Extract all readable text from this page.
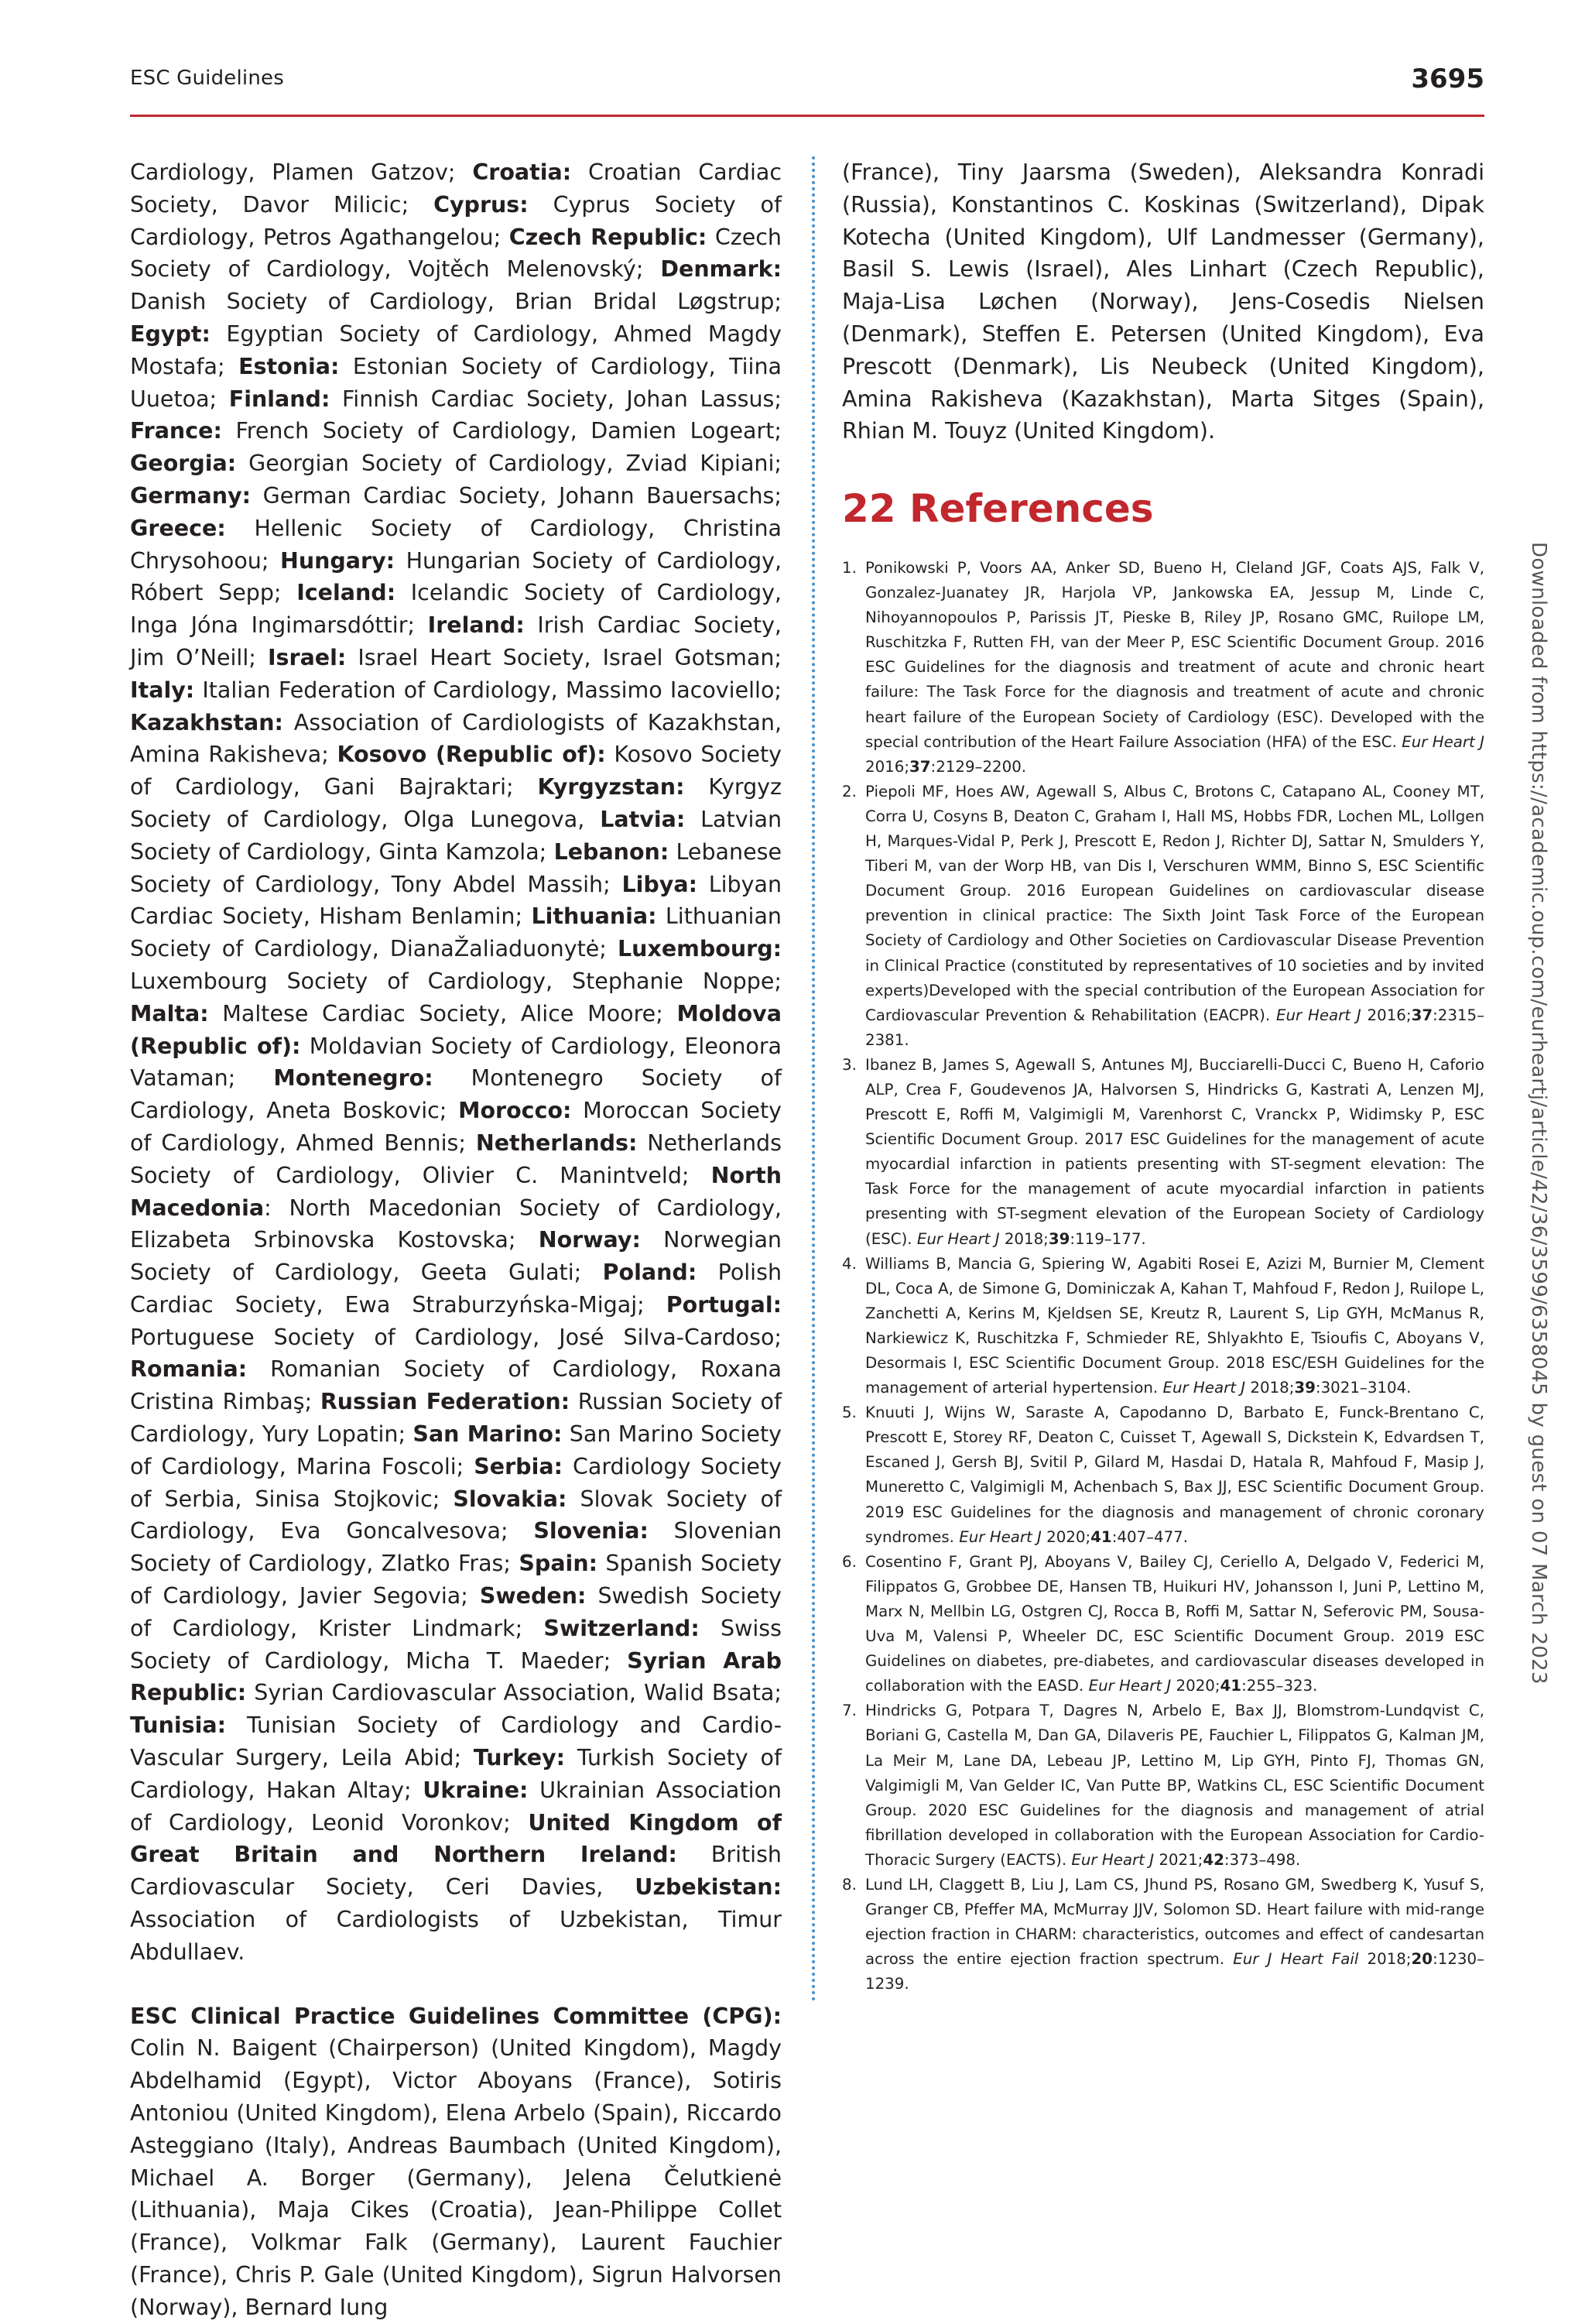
ESC Guidelines	3695

Cardiology, Plamen Gatzov; Croatia: Croatian Cardiac Society, Davor Milicic; Cyprus: Cyprus Society of Cardiology, Petros Agathangelou; Czech Republic: Czech Society of Cardiology, Vojtěch Melenovský; Denmark: Danish Society of Cardiology, Brian Bridal Løgstrup; Egypt: Egyptian Society of Cardiology, Ahmed Magdy Mostafa; Estonia: Estonian Society of Cardiology, Tiina Uuetoa; Finland: Finnish Cardiac Society, Johan Lassus; France: French Society of Cardiology, Damien Logeart; Georgia: Georgian Society of Cardiology, Zviad Kipiani; Germany: German Cardiac Society, Johann Bauersachs; Greece: Hellenic Society of Cardiology, Christina Chrysohoou; Hungary: Hungarian Society of Cardiology, Róbert Sepp; Iceland: Icelandic Society of Cardiology, Inga Jóna Ingimarsdóttir; Ireland: Irish Cardiac Society, Jim O’Neill; Israel: Israel Heart Society, Israel Gotsman; Italy: Italian Federation of Cardiology, Massimo Iacoviello; Kazakhstan: Association of Cardiologists of Kazakhstan, Amina Rakisheva; Kosovo (Republic of): Kosovo Society of Cardiology, Gani Bajraktari; Kyrgyzstan: Kyrgyz Society of Cardiology, Olga Lunegova, Latvia: Latvian Society of Cardiology, Ginta Kamzola; Lebanon: Lebanese Society of Cardiology, Tony Abdel Massih; Libya: Libyan Cardiac Society, Hisham Benlamin; Lithuania: Lithuanian Society of Cardiology, DianaŽaliaduonytė; Luxembourg: Luxembourg Society of Cardiology, Stephanie Noppe; Malta: Maltese Cardiac Society, Alice Moore; Moldova (Republic of): Moldavian Society of Cardiology, Eleonora Vataman; Montenegro: Montenegro Society of Cardiology, Aneta Boskovic; Morocco: Moroccan Society of Cardiology, Ahmed Bennis; Netherlands: Netherlands Society of Cardiology, Olivier C. Manintveld; North Macedonia: North Macedonian Society of Cardiology, Elizabeta Srbinovska Kostovska; Norway: Norwegian Society of Cardiology, Geeta Gulati; Poland: Polish Cardiac Society, Ewa Straburzyńska-Migaj; Portugal: Portuguese Society of Cardiology, José Silva-Cardoso; Romania: Romanian Society of Cardiology, Roxana Cristina Rimbaş; Russian Federation: Russian Society of Cardiology, Yury Lopatin; San Marino: San Marino Society of Cardiology, Marina Foscoli; Serbia: Cardiology Society of Serbia, Sinisa Stojkovic; Slovakia: Slovak Society of Cardiology, Eva Goncalvesova; Slovenia: Slovenian Society of Cardiology, Zlatko Fras; Spain: Spanish Society of Cardiology, Javier Segovia; Sweden: Swedish Society of Cardiology, Krister Lindmark; Switzerland: Swiss Society of Cardiology, Micha T. Maeder; Syrian Arab Republic: Syrian Cardiovascular Association, Walid Bsata; Tunisia: Tunisian Society of Cardiology and Cardio-Vascular Surgery, Leila Abid; Turkey: Turkish Society of Cardiology, Hakan Altay; Ukraine: Ukrainian Association of Cardiology, Leonid Voronkov; United Kingdom of Great Britain and Northern Ireland: British Cardiovascular Society, Ceri Davies, Uzbekistan: Association of Cardiologists of Uzbekistan, Timur Abdullaev.

ESC Clinical Practice Guidelines Committee (CPG): Colin N. Baigent (Chairperson) (United Kingdom), Magdy Abdelhamid (Egypt), Victor Aboyans (France), Sotiris Antoniou (United Kingdom), Elena Arbelo (Spain), Riccardo Asteggiano (Italy), Andreas Baumbach (United Kingdom), Michael A. Borger (Germany), Jelena Čelutkienė (Lithuania), Maja Cikes (Croatia), Jean-Philippe Collet (France), Volkmar Falk (Germany), Laurent Fauchier (France), Chris P. Gale (United Kingdom), Sigrun Halvorsen (Norway), Bernard Iung

(France), Tiny Jaarsma (Sweden), Aleksandra Konradi (Russia), Konstantinos C. Koskinas (Switzerland), Dipak Kotecha (United Kingdom), Ulf Landmesser (Germany), Basil S. Lewis (Israel), Ales Linhart (Czech Republic), Maja-Lisa Løchen (Norway), Jens-Cosedis Nielsen (Denmark), Steffen E. Petersen (United Kingdom), Eva Prescott (Denmark), Lis Neubeck (United Kingdom), Amina Rakisheva (Kazakhstan), Marta Sitges (Spain), Rhian M. Touyz (United Kingdom).

22 References
1. Ponikowski P, Voors AA, Anker SD, Bueno H, Cleland JGF, Coats AJS, Falk V, Gonzalez-Juanatey JR, Harjola VP, Jankowska EA, Jessup M, Linde C, Nihoyannopoulos P, Parissis JT, Pieske B, Riley JP, Rosano GMC, Ruilope LM, Ruschitzka F, Rutten FH, van der Meer P, ESC Scientific Document Group. 2016 ESC Guidelines for the diagnosis and treatment of acute and chronic heart failure: The Task Force for the diagnosis and treatment of acute and chronic heart failure of the European Society of Cardiology (ESC). Developed with the special contribution of the Heart Failure Association (HFA) of the ESC. Eur Heart J 2016;37:2129–2200.
2. Piepoli MF, Hoes AW, Agewall S, Albus C, Brotons C, Catapano AL, Cooney MT, Corra U, Cosyns B, Deaton C, Graham I, Hall MS, Hobbs FDR, Lochen ML, Lollgen H, Marques-Vidal P, Perk J, Prescott E, Redon J, Richter DJ, Sattar N, Smulders Y, Tiberi M, van der Worp HB, van Dis I, Verschuren WMM, Binno S, ESC Scientific Document Group. 2016 European Guidelines on cardiovascular disease prevention in clinical practice: The Sixth Joint Task Force of the European Society of Cardiology and Other Societies on Cardiovascular Disease Prevention in Clinical Practice (constituted by representatives of 10 societies and by invited experts)Developed with the special contribution of the European Association for Cardiovascular Prevention & Rehabilitation (EACPR). Eur Heart J 2016;37:2315–2381.
3. Ibanez B, James S, Agewall S, Antunes MJ, Bucciarelli-Ducci C, Bueno H, Caforio ALP, Crea F, Goudevenos JA, Halvorsen S, Hindricks G, Kastrati A, Lenzen MJ, Prescott E, Roffi M, Valgimigli M, Varenhorst C, Vranckx P, Widimsky P, ESC Scientific Document Group. 2017 ESC Guidelines for the management of acute myocardial infarction in patients presenting with ST-segment elevation: The Task Force for the management of acute myocardial infarction in patients presenting with ST-segment elevation of the European Society of Cardiology (ESC). Eur Heart J 2018;39:119–177.
4. Williams B, Mancia G, Spiering W, Agabiti Rosei E, Azizi M, Burnier M, Clement DL, Coca A, de Simone G, Dominiczak A, Kahan T, Mahfoud F, Redon J, Ruilope L, Zanchetti A, Kerins M, Kjeldsen SE, Kreutz R, Laurent S, Lip GYH, McManus R, Narkiewicz K, Ruschitzka F, Schmieder RE, Shlyakhto E, Tsioufis C, Aboyans V, Desormais I, ESC Scientific Document Group. 2018 ESC/ESH Guidelines for the management of arterial hypertension. Eur Heart J 2018;39:3021–3104.
5. Knuuti J, Wijns W, Saraste A, Capodanno D, Barbato E, Funck-Brentano C, Prescott E, Storey RF, Deaton C, Cuisset T, Agewall S, Dickstein K, Edvardsen T, Escaned J, Gersh BJ, Svitil P, Gilard M, Hasdai D, Hatala R, Mahfoud F, Masip J, Muneretto C, Valgimigli M, Achenbach S, Bax JJ, ESC Scientific Document Group. 2019 ESC Guidelines for the diagnosis and management of chronic coronary syndromes. Eur Heart J 2020;41:407–477.
6. Cosentino F, Grant PJ, Aboyans V, Bailey CJ, Ceriello A, Delgado V, Federici M, Filippatos G, Grobbee DE, Hansen TB, Huikuri HV, Johansson I, Juni P, Lettino M, Marx N, Mellbin LG, Ostgren CJ, Rocca B, Roffi M, Sattar N, Seferovic PM, Sousa-Uva M, Valensi P, Wheeler DC, ESC Scientific Document Group. 2019 ESC Guidelines on diabetes, pre-diabetes, and cardiovascular diseases developed in collaboration with the EASD. Eur Heart J 2020;41:255–323.
7. Hindricks G, Potpara T, Dagres N, Arbelo E, Bax JJ, Blomstrom-Lundqvist C, Boriani G, Castella M, Dan GA, Dilaveris PE, Fauchier L, Filippatos G, Kalman JM, La Meir M, Lane DA, Lebeau JP, Lettino M, Lip GYH, Pinto FJ, Thomas GN, Valgimigli M, Van Gelder IC, Van Putte BP, Watkins CL, ESC Scientific Document Group. 2020 ESC Guidelines for the diagnosis and management of atrial fibrillation developed in collaboration with the European Association for Cardio-Thoracic Surgery (EACTS). Eur Heart J 2021;42:373–498.
8. Lund LH, Claggett B, Liu J, Lam CS, Jhund PS, Rosano GM, Swedberg K, Yusuf S, Granger CB, Pfeffer MA, McMurray JJV, Solomon SD. Heart failure with mid-range ejection fraction in CHARM: characteristics, outcomes and effect of candesartan across the entire ejection fraction spectrum. Eur J Heart Fail 2018;20:1230–1239.
Downloaded from https://academic.oup.com/eurheartj/article/42/36/3599/6358045 by guest on 07 March 2023
